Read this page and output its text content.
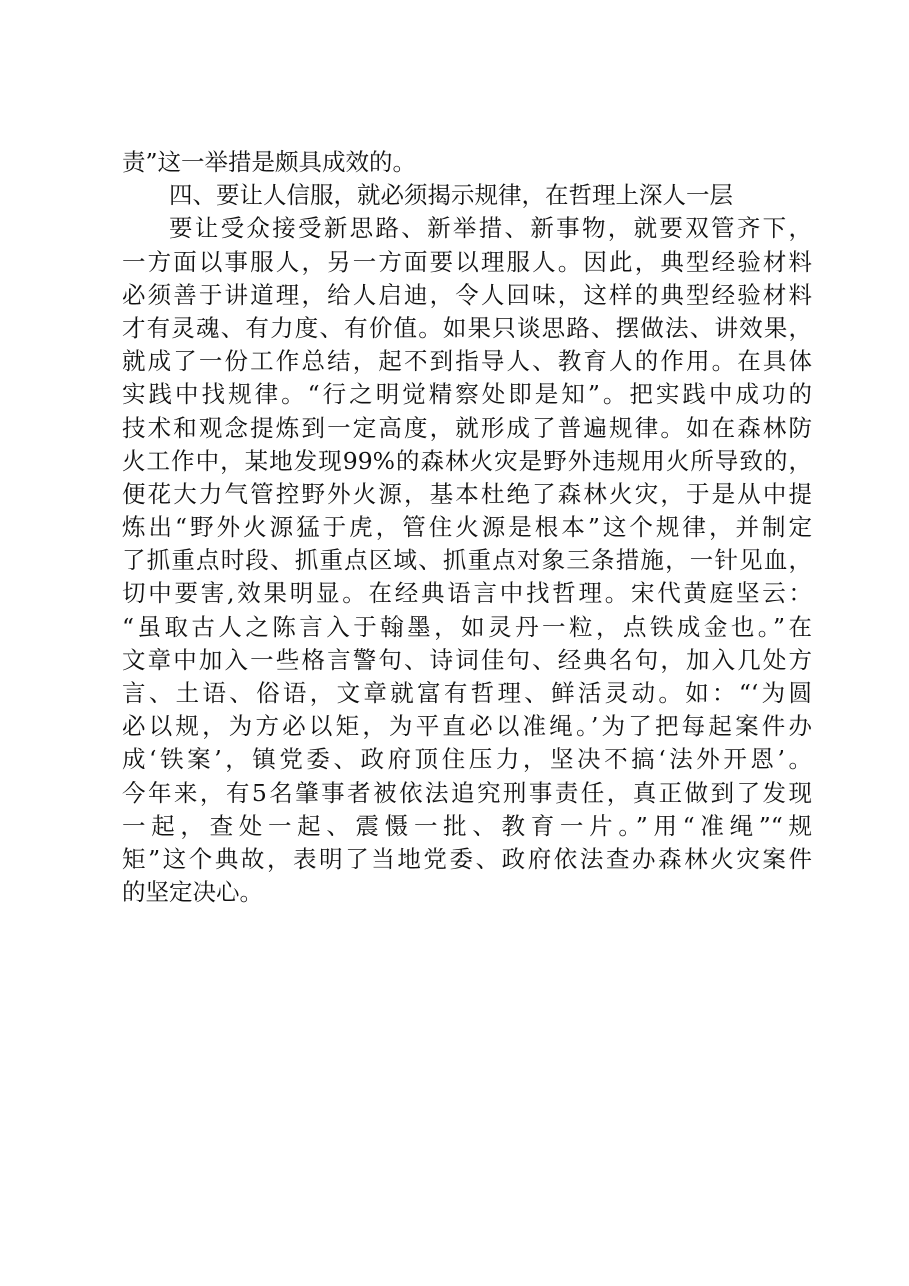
责”这一举措是颇具成效的。
四、要让人信服，就必须揭示规律，在哲理上深人一层
要让受众接受新思路、新举措、新事物，就要双管齐下，
一方面以事服人，另一方面要以理服人。因此，典型经验材料
必须善于讲道理，给人启迪，令人回味，这样的典型经验材料
才有灵魂、有力度、有价值。如果只谈思路、摆做法、讲效果，
就成了一份工作总结，起不到指导人、教育人的作用。在具体
实践中找规律。“行之明觉精察处即是知”。把实践中成功的
技术和观念提炼到一定高度，就形成了普遍规律。如在森林防
火工作中，某地发现99%的森林火灾是野外违规用火所导致的，
便花大力气管控野外火源，基本杜绝了森林火灾，于是从中提
炼出“野外火源猛于虎，管住火源是根本”这个规律，并制定
了抓重点时段、抓重点区域、抓重点对象三条措施，一针见血，
切中要害,效果明显。在经典语言中找哲理。宋代黄庭坚云：
“虽取古人之陈言入于翰墨，如灵丹一粒，点铁成金也。”在
文章中加入一些格言警句、诗词佳句、经典名句，加入几处方
言、土语、俗语，文章就富有哲理、鲜活灵动。如：“‘为圆
必以规，为方必以矩，为平直必以准绳。’为了把每起案件办
成‘铁案’，镇党委、政府顶住压力，坚决不搞‘法外开恩’。
今年来，有5名肇事者被依法追究刑事责任，真正做到了发现
一起，查处一起、震慑一批、教育一片。”用“准绳”“规
矩”这个典故，表明了当地党委、政府依法查办森林火灾案件
的坚定决心。
